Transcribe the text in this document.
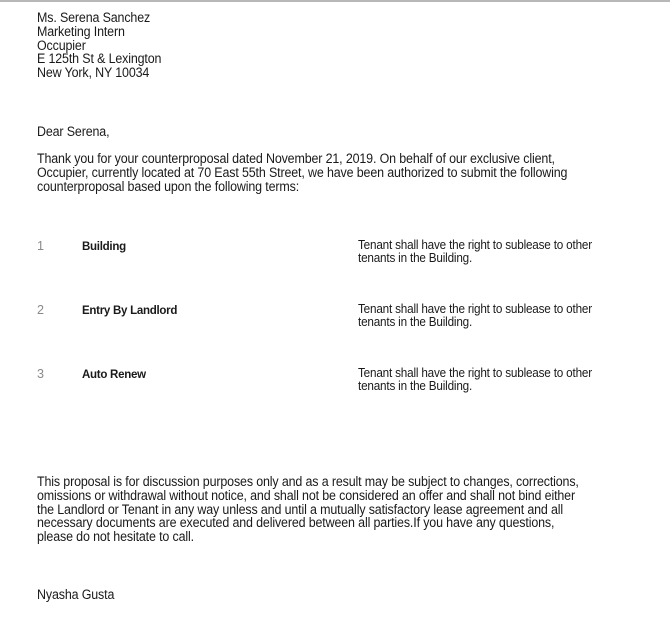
Ms. Serena Sanchez
Marketing Intern
Occupier
E 125th St & Lexington
New York, NY 10034
Dear Serena,
Thank you for your counterproposal dated November 21, 2019. On behalf of our exclusive client,
Occupier, currently located at 70 East 55th Street, we have been authorized to submit the following
counterproposal based upon the following terms:
1	Building	Tenant shall have the right to sublease to other
tenants in the Building.
2	Entry By Landlord	Tenant shall have the right to sublease to other
tenants in the Building.
3	Auto Renew	Tenant shall have the right to sublease to other
tenants in the Building.
This proposal is for discussion purposes only and as a result may be subject to changes, corrections,
omissions or withdrawal without notice, and shall not be considered an offer and shall not bind either
the Landlord or Tenant in any way unless and until a mutually satisfactory lease agreement and all
necessary documents are executed and delivered between all parties.If you have any questions,
please do not hesitate to call.
Nyasha Gusta
